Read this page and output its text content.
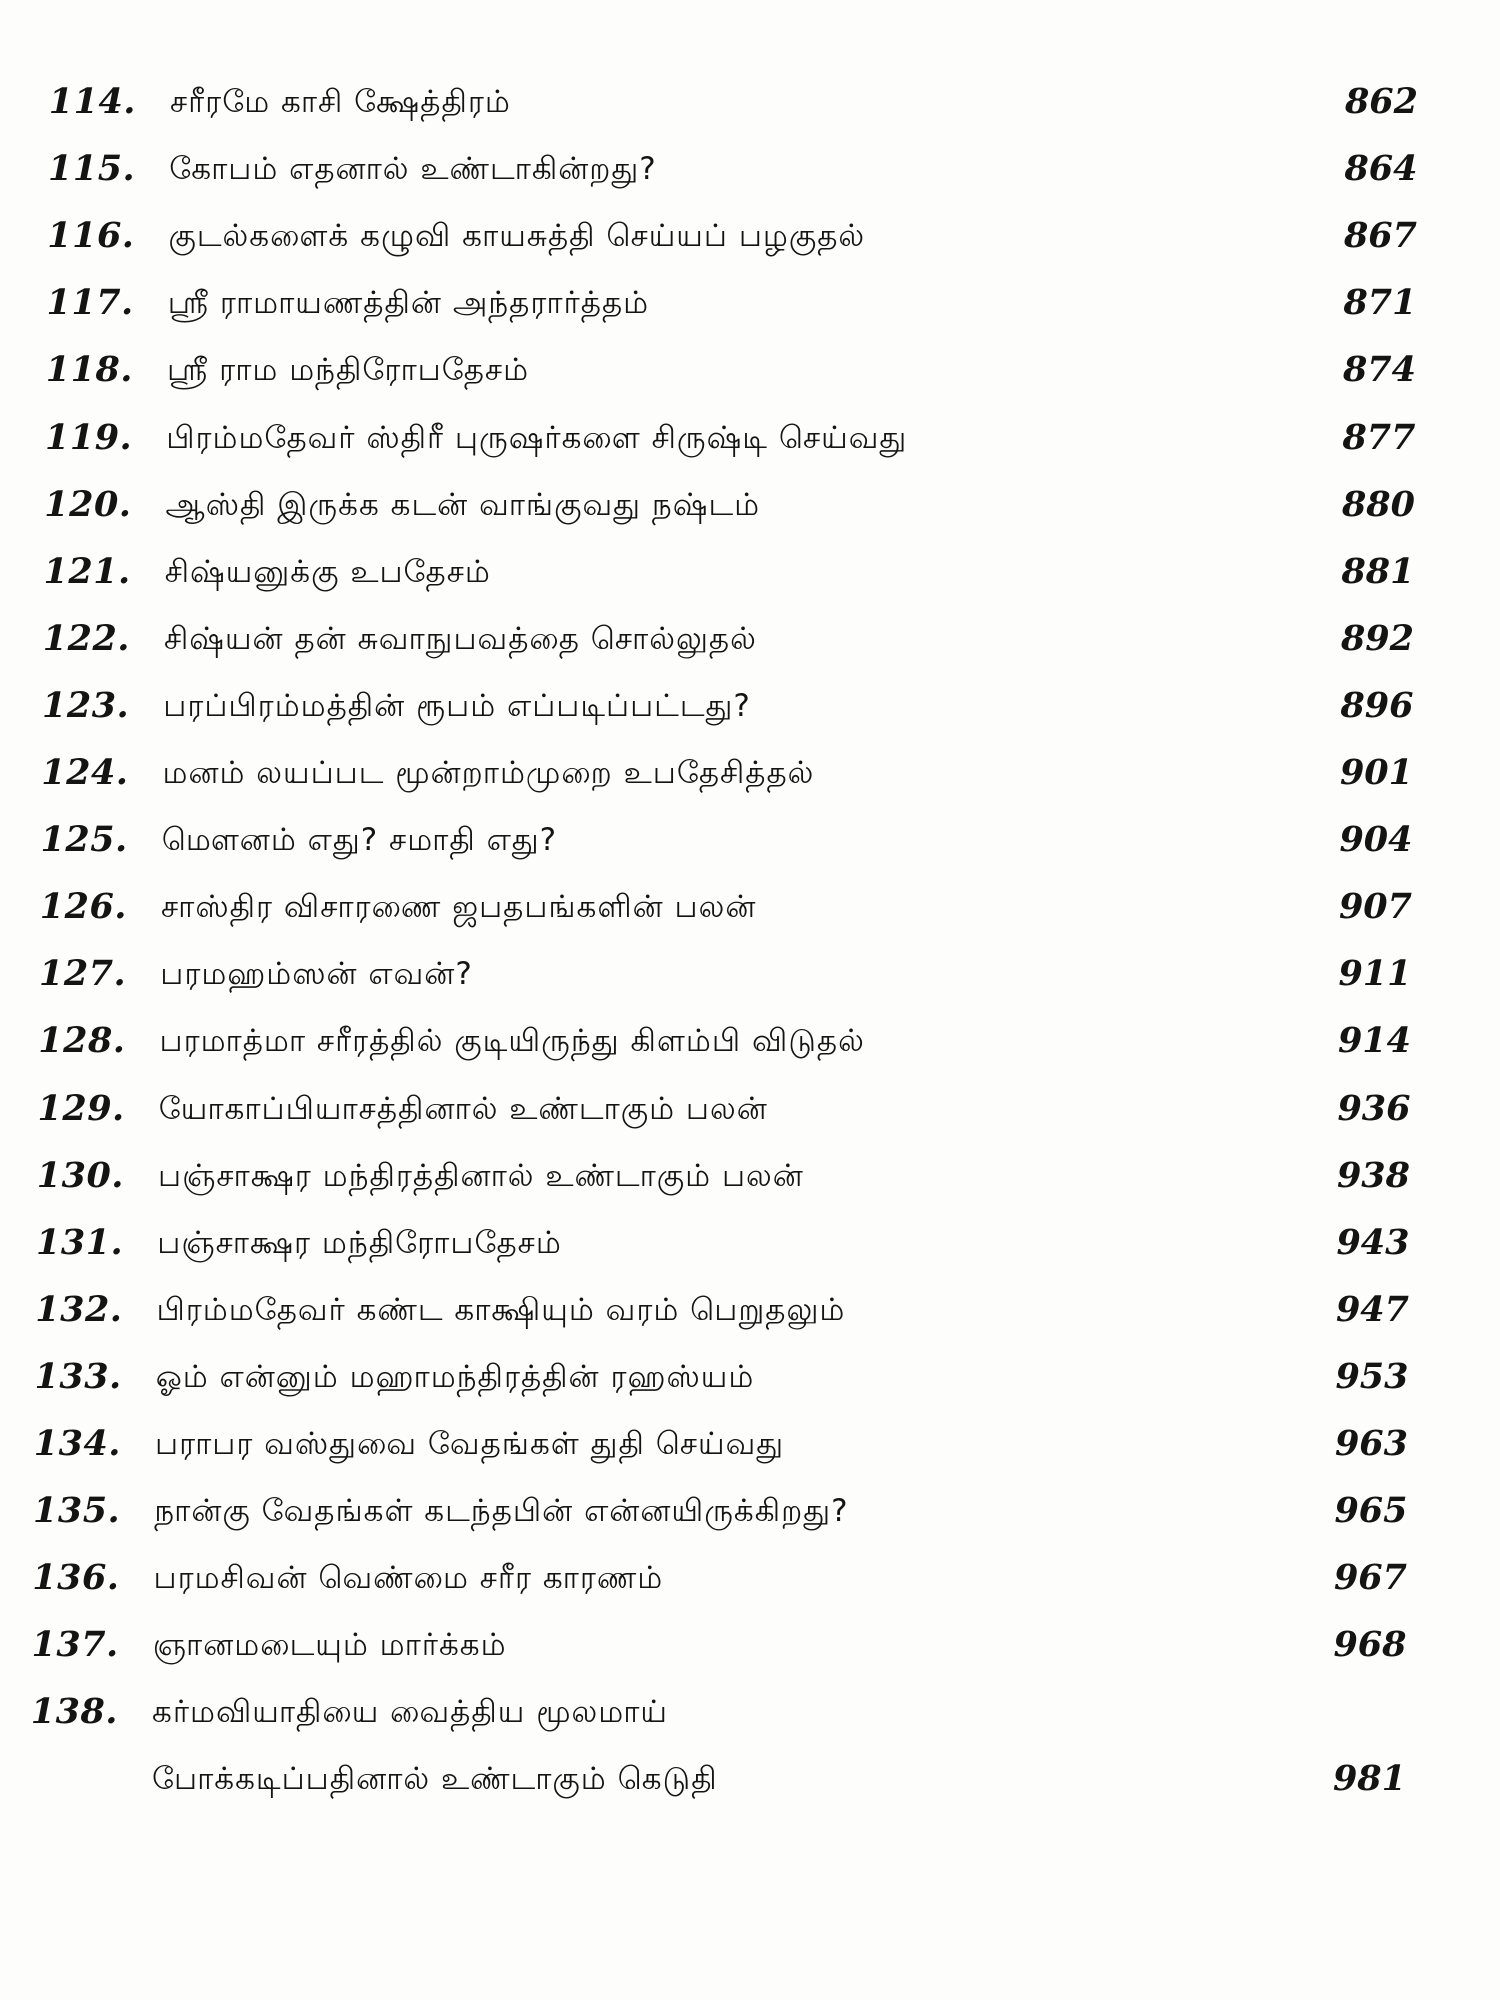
114. சரீரமே காசி க்ஷேத்திரம்	862
115. கோபம் எதனால் உண்டாகின்றது?	864
116. குடல்களைக் கழுவி காயசுத்தி செய்யப் பழகுதல்	867
117. ஸ்ரீ ராமாயணத்தின் அந்தரார்த்தம்	871
118. ஸ்ரீ ராம மந்திரோபதேசம்	874
119. பிரம்மதேவர் ஸ்திரீ புருஷர்களை சிருஷ்டி செய்வது	877
120. ஆஸ்தி இருக்க கடன் வாங்குவது நஷ்டம்	880
121. சிஷ்யனுக்கு உபதேசம்	881
122. சிஷ்யன் தன் சுவாநுபவத்தை சொல்லுதல்	892
123. பரப்பிரம்மத்தின் ரூபம் எப்படிப்பட்டது?	896
124. மனம் லயப்பட மூன்றாம்முறை உபதேசித்தல்	901
125. மௌனம் எது? சமாதி எது?	904
126. சாஸ்திர விசாரணை ஜபதபங்களின் பலன்	907
127. பரமஹம்ஸன் எவன்?	911
128. பரமாத்மா சரீரத்தில் குடியிருந்து கிளம்பி விடுதல்	914
129. யோகாப்பியாசத்தினால் உண்டாகும் பலன்	936
130. பஞ்சாக்ஷர மந்திரத்தினால் உண்டாகும் பலன்	938
131. பஞ்சாக்ஷர மந்திரோபதேசம்	943
132. பிரம்மதேவர் கண்ட காக்ஷியும் வரம் பெறுதலும்	947
133. ஓம் என்னும் மஹாமந்திரத்தின் ரஹஸ்யம்	953
134. பராபர வஸ்துவை வேதங்கள் துதி செய்வது	963
135. நான்கு வேதங்கள் கடந்தபின் என்னயிருக்கிறது?	965
136. பரமசிவன் வெண்மை சரீர காரணம்	967
137. ஞானமடையும் மார்க்கம்	968
138. கர்மவியாதியை வைத்திய மூலமாய்
போக்கடிப்பதினால் உண்டாகும் கெடுதி	981
